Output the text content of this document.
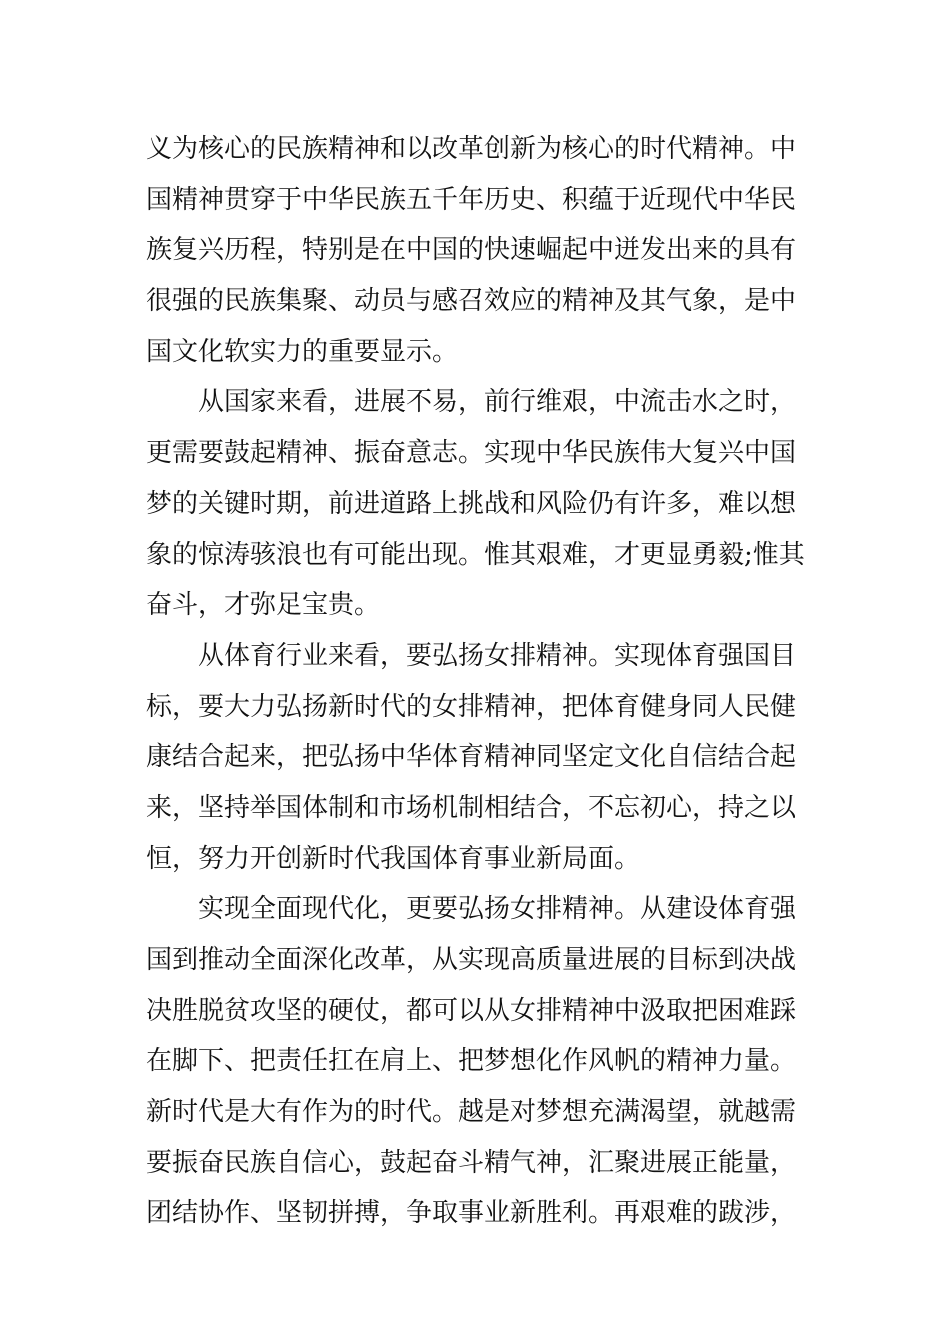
义为核心的民族精神和以改革创新为核心的时代精神。中
国精神贯穿于中华民族五千年历史、积蕴于近现代中华民
族复兴历程，特别是在中国的快速崛起中迸发出来的具有
很强的民族集聚、动员与感召效应的精神及其气象，是中
国文化软实力的重要显示。
从国家来看，进展不易，前行维艰，中流击水之时，
更需要鼓起精神、振奋意志。实现中华民族伟大复兴中国
梦的关键时期，前进道路上挑战和风险仍有许多，难以想
象的惊涛骇浪也有可能出现。惟其艰难，才更显勇毅;惟其
奋斗，才弥足宝贵。
从体育行业来看，要弘扬女排精神。实现体育强国目
标，要大力弘扬新时代的女排精神，把体育健身同人民健
康结合起来，把弘扬中华体育精神同坚定文化自信结合起
来，坚持举国体制和市场机制相结合，不忘初心，持之以
恒，努力开创新时代我国体育事业新局面。
实现全面现代化，更要弘扬女排精神。从建设体育强
国到推动全面深化改革，从实现高质量进展的目标到决战
决胜脱贫攻坚的硬仗，都可以从女排精神中汲取把困难踩
在脚下、把责任扛在肩上、把梦想化作风帆的精神力量。
新时代是大有作为的时代。越是对梦想充满渴望，就越需
要振奋民族自信心，鼓起奋斗精气神，汇聚进展正能量，
团结协作、坚韧拼搏，争取事业新胜利。再艰难的跋涉，
